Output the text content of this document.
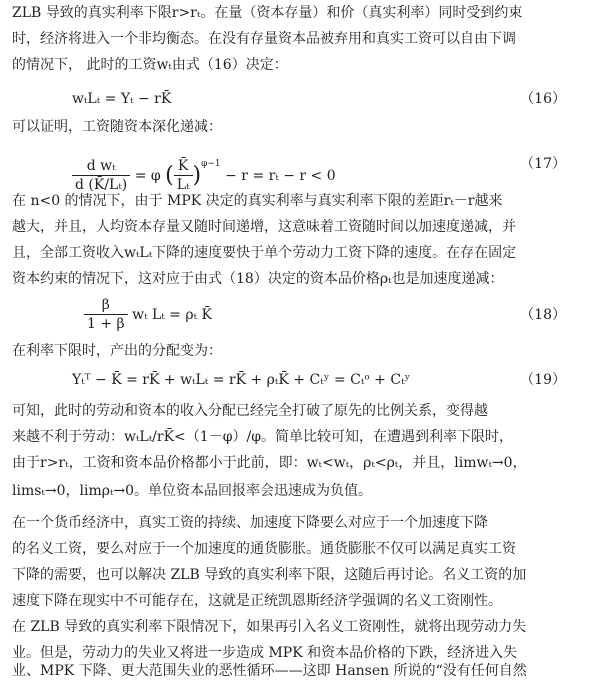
ZLB 导致的真实利率下限r>rₜ。在量（资本存量）和价（真实利率）同时受到约束
时，经济将进入一个非均衡态。在没有存量资本品被弃用和真实工资可以自由下调
的情况下， 此时的工资wₜ由式（16）决定：
wₜLₜ = Yₜ − rK̄	（16）
可以证明，工资随资本深化递减：
$\frac{\text{d wₜ}}{\text{d (K̄/Lₜ)}} = \varphi$ ( $\frac{K̄}{\text{Lₜ}} )^{\varphi-1} - r = r_t - r < 0$
（17）
在 n<0 的情况下，由于 MPK 决定的真实利率与真实利率下限的差距rₜ－r越来
越大，并且，人均资本存量又随时间递增，这意味着工资随时间以加速度递减，并
且，全部工资收入wₜLₜ下降的速度要快于单个劳动力工资下降的速度。在存在固定
资本约束的情况下，这对应于由式（18）决定的资本品价格ρₜ也是加速度递减：
$\frac{\beta}{1 + \beta}$ wₜ Lₜ = ρₜ K̄	（18）
在利率下限时，产出的分配变为：
Yₜᵀ − K̄ = rK̄ + wₜLₜ = rK̄ + ρₜK̄ + Cₜʸ = Cₜᵒ + Cₜʸ	（19）
可知，此时的劳动和资本的收入分配已经完全打破了原先的比例关系，变得越
来越不利于劳动：wₜLₜ/rK̄<（1－φ）/φ。简单比较可知，在遭遇到利率下限时，
由于r>rₜ，工资和资本品价格都小于此前，即：wₜ<wₜ，ρₜ<ρₜ，并且，limwₜ→0，
limsₜ→0，limρₜ→0。单位资本品回报率会迅速成为负值。
在一个货币经济中，真实工资的持续、加速度下降要么对应于一个加速度下降
的名义工资，要么对应于一个加速度的通货膨胀。通货膨胀不仅可以满足真实工资
下降的需要，也可以解决 ZLB 导致的真实利率下限，这随后再讨论。名义工资的加
速度下降在现实中不可能存在，这就是正统凯恩斯经济学强调的名义工资刚性。
在 ZLB 导致的真实利率下限情况下，如果再引入名义工资刚性，就将出现劳动力失
业。但是，劳动力的失业又将进一步造成 MPK 和资本品价格的下跌，经济进入失
业、MPK 下降、更大范围失业的恶性循环——这即 Hansen 所说的“没有任何自然
